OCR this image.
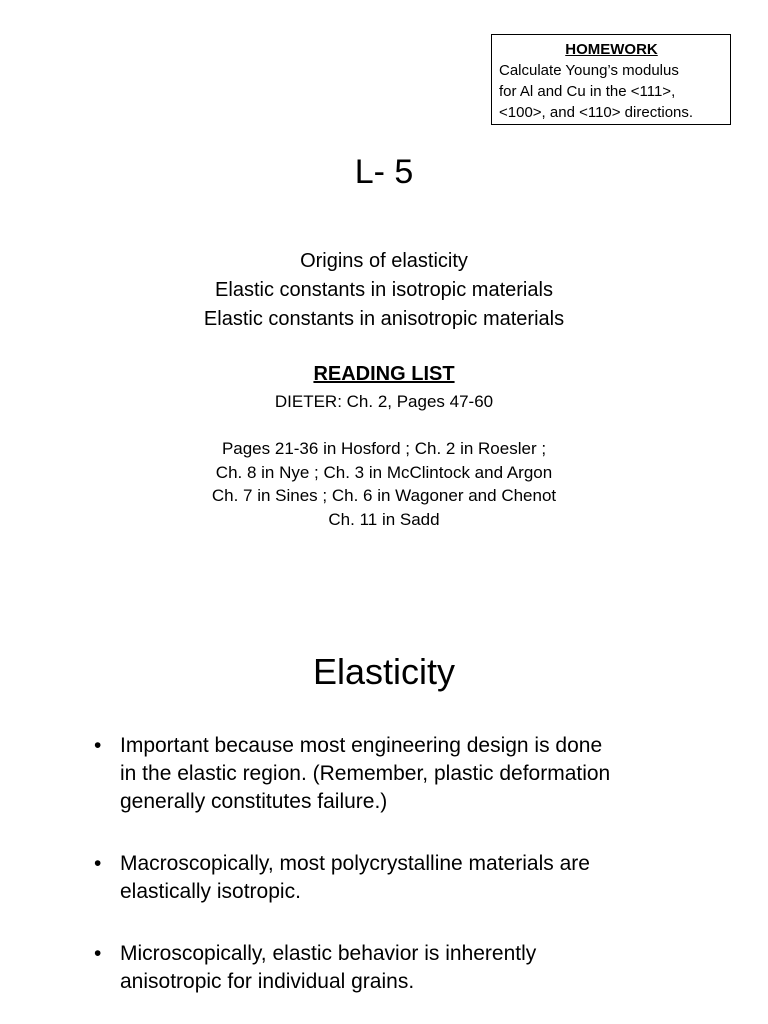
HOMEWORK
Calculate Young’s modulus
for Al and Cu in the <111>,
<100>, and <110> directions.
L- 5
Origins of elasticity
Elastic constants in isotropic materials
Elastic constants in anisotropic materials
READING LIST
DIETER: Ch. 2, Pages 47-60
Pages 21-36 in Hosford ; Ch. 2 in Roesler ;
Ch. 8 in Nye ; Ch. 3 in McClintock and Argon
Ch. 7 in Sines ; Ch. 6 in Wagoner and Chenot
Ch. 11 in Sadd
Elasticity
• Important because most engineering design is done
in the elastic region. (Remember, plastic deformation
generally constitutes failure.)
• Macroscopically, most polycrystalline materials are
elastically isotropic.
• Microscopically, elastic behavior is inherently
anisotropic for individual grains.
